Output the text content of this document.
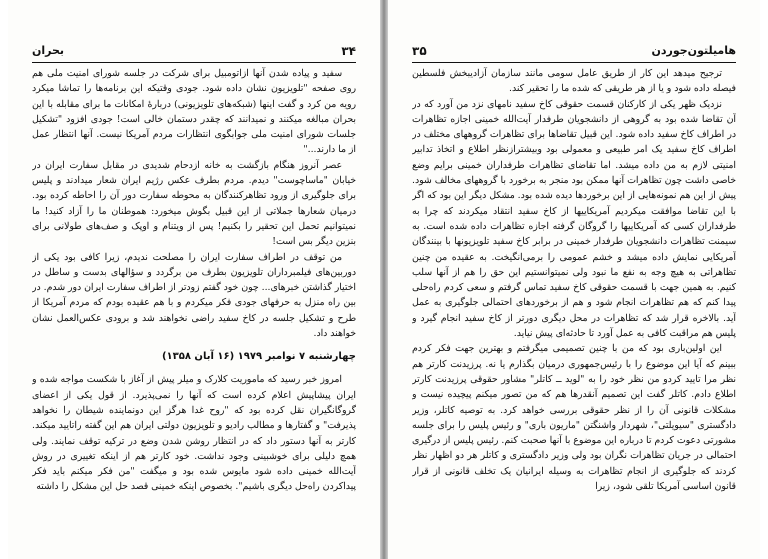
بحران	۳۴

سفید و پیاده شدن آنها ازاتومبیل برای شرکت در جلسه شورای امنیت ملی هم روی صفحه "تلویزیون نشان داده شود. جودی وقتیکه این برنامه‌ها را تماشا میکرد رویه من کرد و گفت اینها (شبکه‌های تلویزیونی) دربارهٔ امکانات ما برای مقابله با این بحران مبالغه میکنند و نمیدانند که چقدر دستمان خالی است! جودی افزود "تشکیل جلسات شورای امنیت ملی جوابگوی انتظارات مردم آمریکا نیست. آنها انتظار عمل از ما دارند..."

عصر آنروز هنگام بازگشت به خانه ازدحام شدیدی در مقابل سفارت ایران در خیابان "ماساچوست" دیدم. مردم بطرف عکس رژیم ایران شعار میدادند و پلیس برای جلوگیری از ورود تظاهرکنندگان به محوطه سفارت دور آن را احاطه کرده بود. درمیان شعارها جملاتی از این قبیل بگوش میخورد: هموطنان ما را آزاد کنید! ما نمیتوانیم تحمل این تحقیر را بکنیم! پس از ویتنام و اوپک و صف‌های طولانی برای بنزین دیگر بس است!

من توقف در اطراف سفارت ایران را مصلحت ندیدم، زیرا کافی بود یکی از دوربین‌های فیلمبرداران تلویزیون بطرف من برگردد و سؤالهای بدست و ساطل در اختیار گذاشتن خبرهای... چون خود گفتم زودتر از اطراف سفارت ایران دور شدم. در بین راه منزل به حرفهای جودی فکر میکردم و با هم عقیده بودم که مردم آمریکا از طرح و تشکیل جلسه در کاخ سفید راضی نخواهند شد و برودی عکس‌العمل نشان خواهند داد.

چهارشنبه ۷ نوامبر ۱۹۷۹ (۱۶ آبان ۱۳۵۸)

امروز خبر رسید که ماموریت کلارک و میلر پیش از آغاز با شکست مواجه شده و ایران پیشاپیش اعلام کرده است که آنها را نمی‌پذیرد. از قول یکی از اعضای گروگانگیران نقل کرده بود که "روح غدا هرگز این دونماینده شیطان را نخواهد پذیرفت" و گفتارها و مطالب رادیو و تلویزیون دولتی ایران هم این گفته راتایید میکند. کارتر به آنها دستور داد که در انتظار روشن شدن وضع در ترکیه توقف نمایند. ولی همچ دلیلی برای خوشبینی وجود نداشت. خود کارتر هم از اینکه تغییری در روش آیت‌الله خمینی داده شود مایوس شده بود و میگفت "من فکر میکنم باید فکر پیداکردن راه‌حل دیگری باشیم". بخصوص اینکه خمینی قصد حل این مشکل را داشته

هامیلتون‌جوردن
۳۵

ترجیح میدهد این کار از طریق عامل سومی مانند سازمان آزادیبخش فلسطین فیصله داده شود و یا از هر طریقی که شده ما را تحقیر کند.

نزدیک ظهر یکی از کارکنان قسمت حقوقی کاخ سفید نامهای نزد من آورد که در آن تقاضا شده بود به گروهی از دانشجویان طرفدار آیت‌الله خمینی اجازه تظاهرات در اطراف کاخ سفید داده شود. این قبیل تقاضاها برای تظاهرات گروههای مختلف در اطراف کاخ سفید یک امر طبیعی و معمولی بود وبیشترازنظر اطلاع و اتخاذ تدابیر امنیتی لازم به من داده میشد. اما تقاضای تظاهرات طرفداران خمینی برایم وضع خاصی داشت چون تظاهرات آنها ممکن بود منجر به برخورد با گروههای مخالف شود. پیش از این هم نمونه‌هایی از این برخوردها دیده شده بود. مشکل دیگر این بود که اگر با این تقاضا موافقت میکردیم آمریکاییها از کاخ سفید انتقاد میکردند که چرا به طرفداران کسی که آمریکاییها را گروگان گرفته اجازه تظاهرات داده شده است. به سیمنت تظاهرات دانشجویان طرفدار خمینی در برابر کاخ سفید تلویزیونها با بینندگان آمریکایی نمایش داده میشد و خشم عمومی را برمی‌انگیخت. به عقیده من چنین تظاهراتی به هیچ وجه به نفع ما نبود ولی نمیتوانستیم این حق را هم از آنها سلب کنیم. به همین جهت با قسمت حقوقی کاخ سفید تماس گرفتم و سعی کردم راه‌حلی پیدا کنم که هم تظاهرات انجام شود و هم از برخوردهای احتمالی جلوگیری به عمل آید. بالاخره قرار شد که تظاهرات در محل دیگری دورتر از کاخ سفید انجام گیرد و پلیس هم مراقبت کافی به عمل آورد تا حادثه‌ای پیش نیاید.

این اولین‌باری بود که من با چنین تصمیمی میگرفتم و بهترین جهت فکر کردم ببینم که آیا این موضوع را با رئیس‌جمهوری درمیان بگذارم یا نه. پرزیدنت کارتر هم نظر مرا تایید کردو من نظر خود را به "لوید ــ کاتلر" مشاور حقوقی پرزیدنت کارتر اطلاع دادم. کاتلر گفت این تصمیم آنقدرها هم که من تصور میکنم پیچیده نیست و مشکلات قانونی آن را از نظر حقوقی بررسی خواهد کرد. به توصیه کاتلر، وزیر دادگستری "سیویلتی"، شهردار واشنگتن "ماریون باری" و رئیس پلیس را برای جلسه مشورتی دعوت کردم تا درباره این موضوع با آنها صحبت کنم. رئیس پلیس از درگیری احتمالی در جریان تظاهرات نگران بود ولی وزیر دادگستری و کاتلر هر دو اظهار نظر کردند که جلوگیری از انجام تظاهرات به وسیله ایرانیان یک تخلف قانونی از قرار قانون اساسی آمریکا تلقی شود، زیرا
